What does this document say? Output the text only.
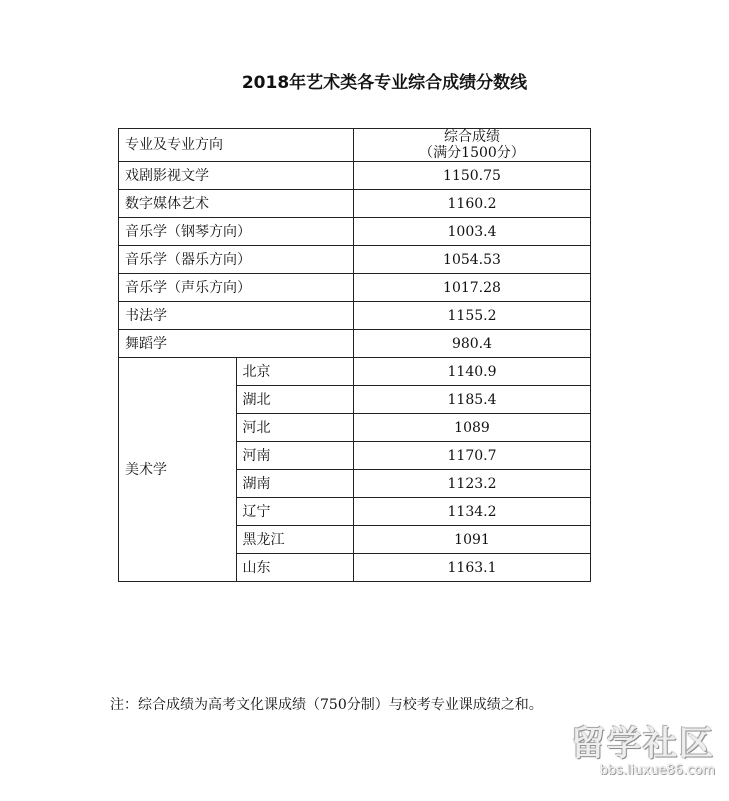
2018年艺术类各专业综合成绩分数线
专业及专业方向		综合成绩
（满分1500分）

戏剧影视文学		1150.75
数字媒体艺术		1160.2
音乐学（钢琴方向）		1003.4
音乐学（器乐方向）		1054.53
音乐学（声乐方向）		1017.28
书法学		1155.2
舞蹈学		980.4
美术学	北京	1140.9
	湖北	1185.4
	河北	1089
	河南	1170.7
	湖南	1123.2
	辽宁	1134.2
	黑龙江	1091
	山东	1163.1
注：综合成绩为高考文化课成绩（750分制）与校考专业课成绩之和。
留学社区
bbs.liuxue86.com
